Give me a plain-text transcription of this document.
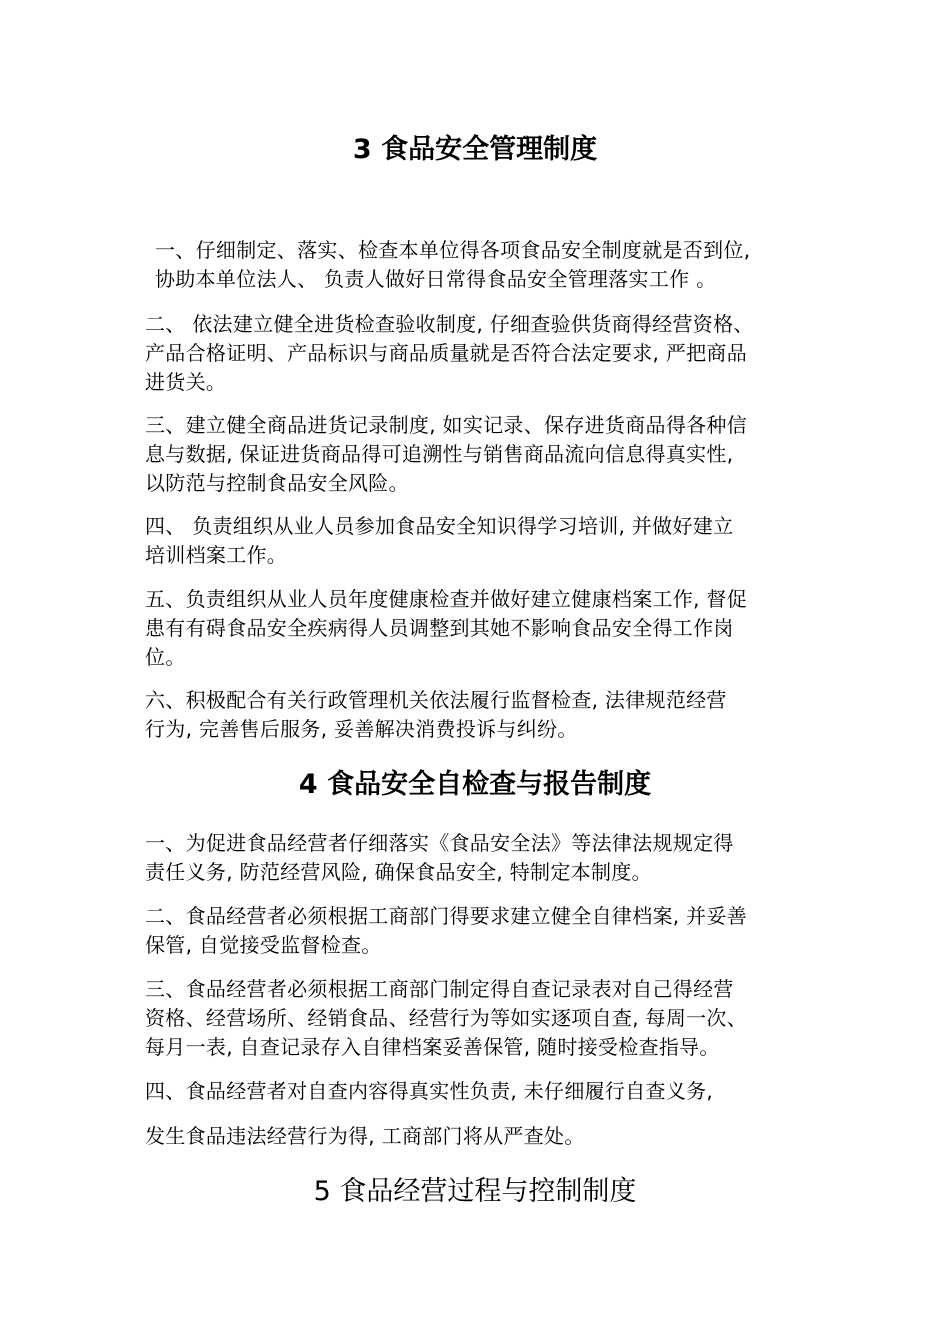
3 食品安全管理制度
一、仔细制定、落实、检查本单位得各项食品安全制度就是否到位,
协助本单位法人、 负责人做好日常得食品安全管理落实工作 。
二、 依法建立健全进货检查验收制度, 仔细查验供货商得经营资格、
产品合格证明、产品标识与商品质量就是否符合法定要求, 严把商品
进货关。
三、建立健全商品进货记录制度, 如实记录、保存进货商品得各种信
息与数据, 保证进货商品得可追溯性与销售商品流向信息得真实性,
以防范与控制食品安全风险。
四、 负责组织从业人员参加食品安全知识得学习培训, 并做好建立
培训档案工作。
五、负责组织从业人员年度健康检查并做好建立健康档案工作, 督促
患有有碍食品安全疾病得人员调整到其她不影响食品安全得工作岗
位。
六、积极配合有关行政管理机关依法履行监督检查, 法律规范经营
行为, 完善售后服务, 妥善解决消费投诉与纠纷。
4 食品安全自检查与报告制度
一、为促进食品经营者仔细落实《食品安全法》等法律法规规定得
责任义务, 防范经营风险, 确保食品安全, 特制定本制度。
二、食品经营者必须根据工商部门得要求建立健全自律档案, 并妥善
保管, 自觉接受监督检查。
三、食品经营者必须根据工商部门制定得自查记录表对自己得经营
资格、经营场所、经销食品、经营行为等如实逐项自查, 每周一次、
每月一表, 自查记录存入自律档案妥善保管, 随时接受检查指导。
四、食品经营者对自查内容得真实性负责, 未仔细履行自查义务,
发生食品违法经营行为得, 工商部门将从严查处。
5 食品经营过程与控制制度
